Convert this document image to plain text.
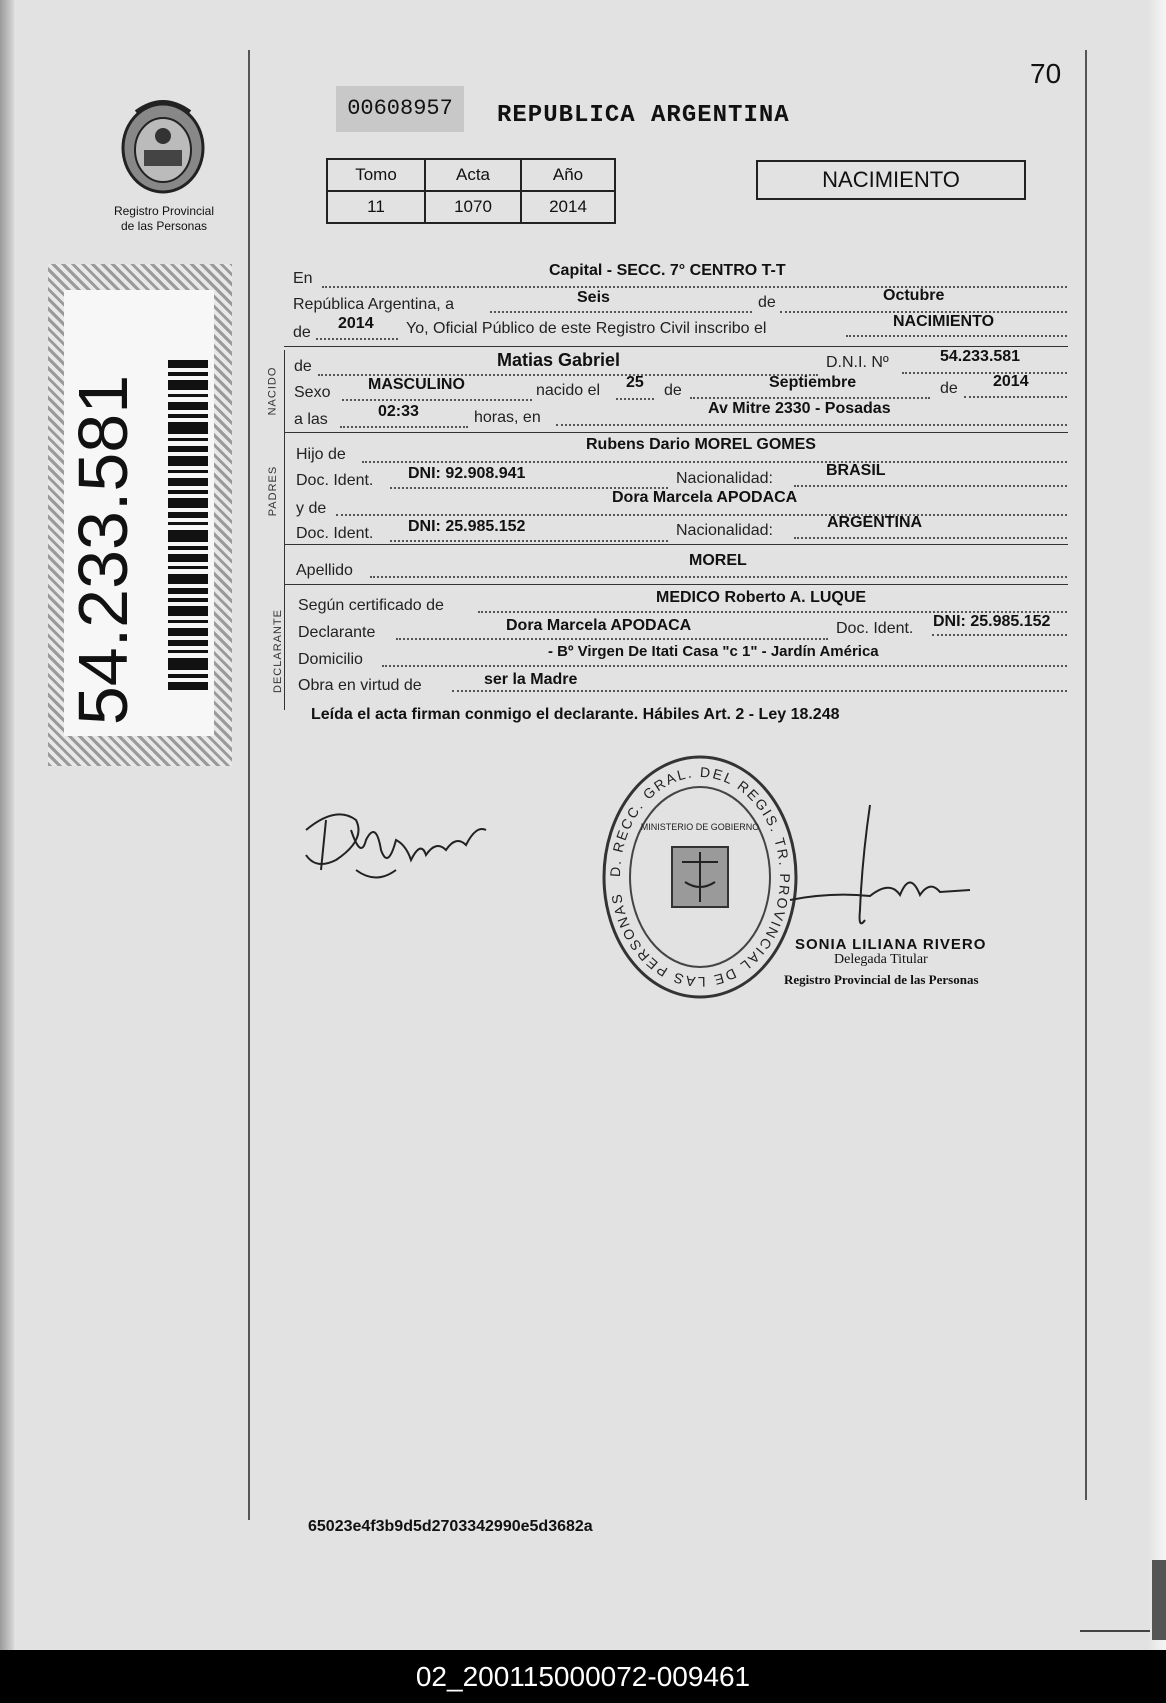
Registro Provincial
de las Personas
54.233.581
70
00608957	REPUBLICA ARGENTINA
Tomo	Acta	Año
11	1070	2014
NACIMIENTO
En	Capital - SECC. 7° CENTRO T-T
República Argentina, a	Seis	de	Octubre
de
2014 Yo, Oficial Público de este Registro Civil inscribo el	NACIMIENTO
NACIDO
de	Matias Gabriel	D.N.I. Nº	54.233.581
Sexo MASCULINO	nacido el 25 de	Septiembre	de 2014
a las	02:33	horas, en
Av Mitre 2330 - Posadas
PADRES
Hijo de
Rubens Dario MOREL GOMES
Doc. Ident. DNI: 92.908.941	Nacionalidad:	BRASIL
y de
Dora Marcela APODACA
Doc. Ident. DNI: 25.985.152	Nacionalidad:	ARGENTINA
Apellido
MOREL
DECLARANTE
Según certificado de	MEDICO Roberto A. LUQUE
Declarante	Dora Marcela APODACA	Doc. Ident. DNI: 25.985.152
Domicilio	- Bº Virgen De Itati Casa "c 1" - Jardín América
Obra en virtud de	ser la Madre
Leída el acta firman conmigo el declarante. Hábiles Art. 2 - Ley 18.248
D. RECC. GRAL. DEL REGIS. TR. PROVINCIAL DE LAS PERSONAS
MINISTERIO DE GOBIERNO
SONIA LILIANA RIVERO
Delegada Titular
Registro Provincial de las Personas
65023e4f3b9d5d2703342990e5d3682a
02_200115000072-009461
